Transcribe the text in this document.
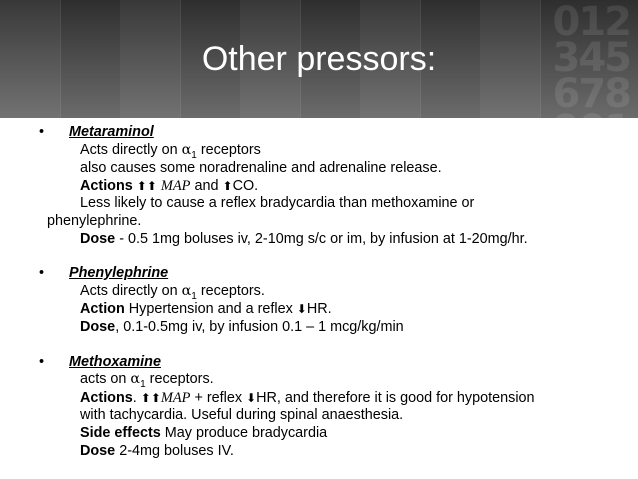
0123456789012
Other pressors:
• Metaraminol
Acts directly on $\alpha_1$ receptors
also causes some noradrenaline and adrenaline release.
Actions ⬆⬆ MAP and ⬆CO.
Less likely to cause a reflex bradycardia than methoxamine or
phenylephrine.
Dose - 0.5 1mg boluses iv, 2-10mg s/c or im, by infusion at 1-20mg/hr.
• Phenylephrine
Acts directly on $\alpha_1$ receptors.
Action Hypertension and a reflex ⬇HR.
Dose, 0.1-0.5mg iv, by infusion 0.1 – 1 mcg/kg/min
• Methoxamine
acts on $\alpha_1$ receptors.
Actions. ⬆⬆MAP + reflex ⬇HR, and therefore it is good for hypotension
with tachycardia. Useful during spinal anaesthesia.
Side effects May produce bradycardia
Dose 2-4mg boluses IV.
